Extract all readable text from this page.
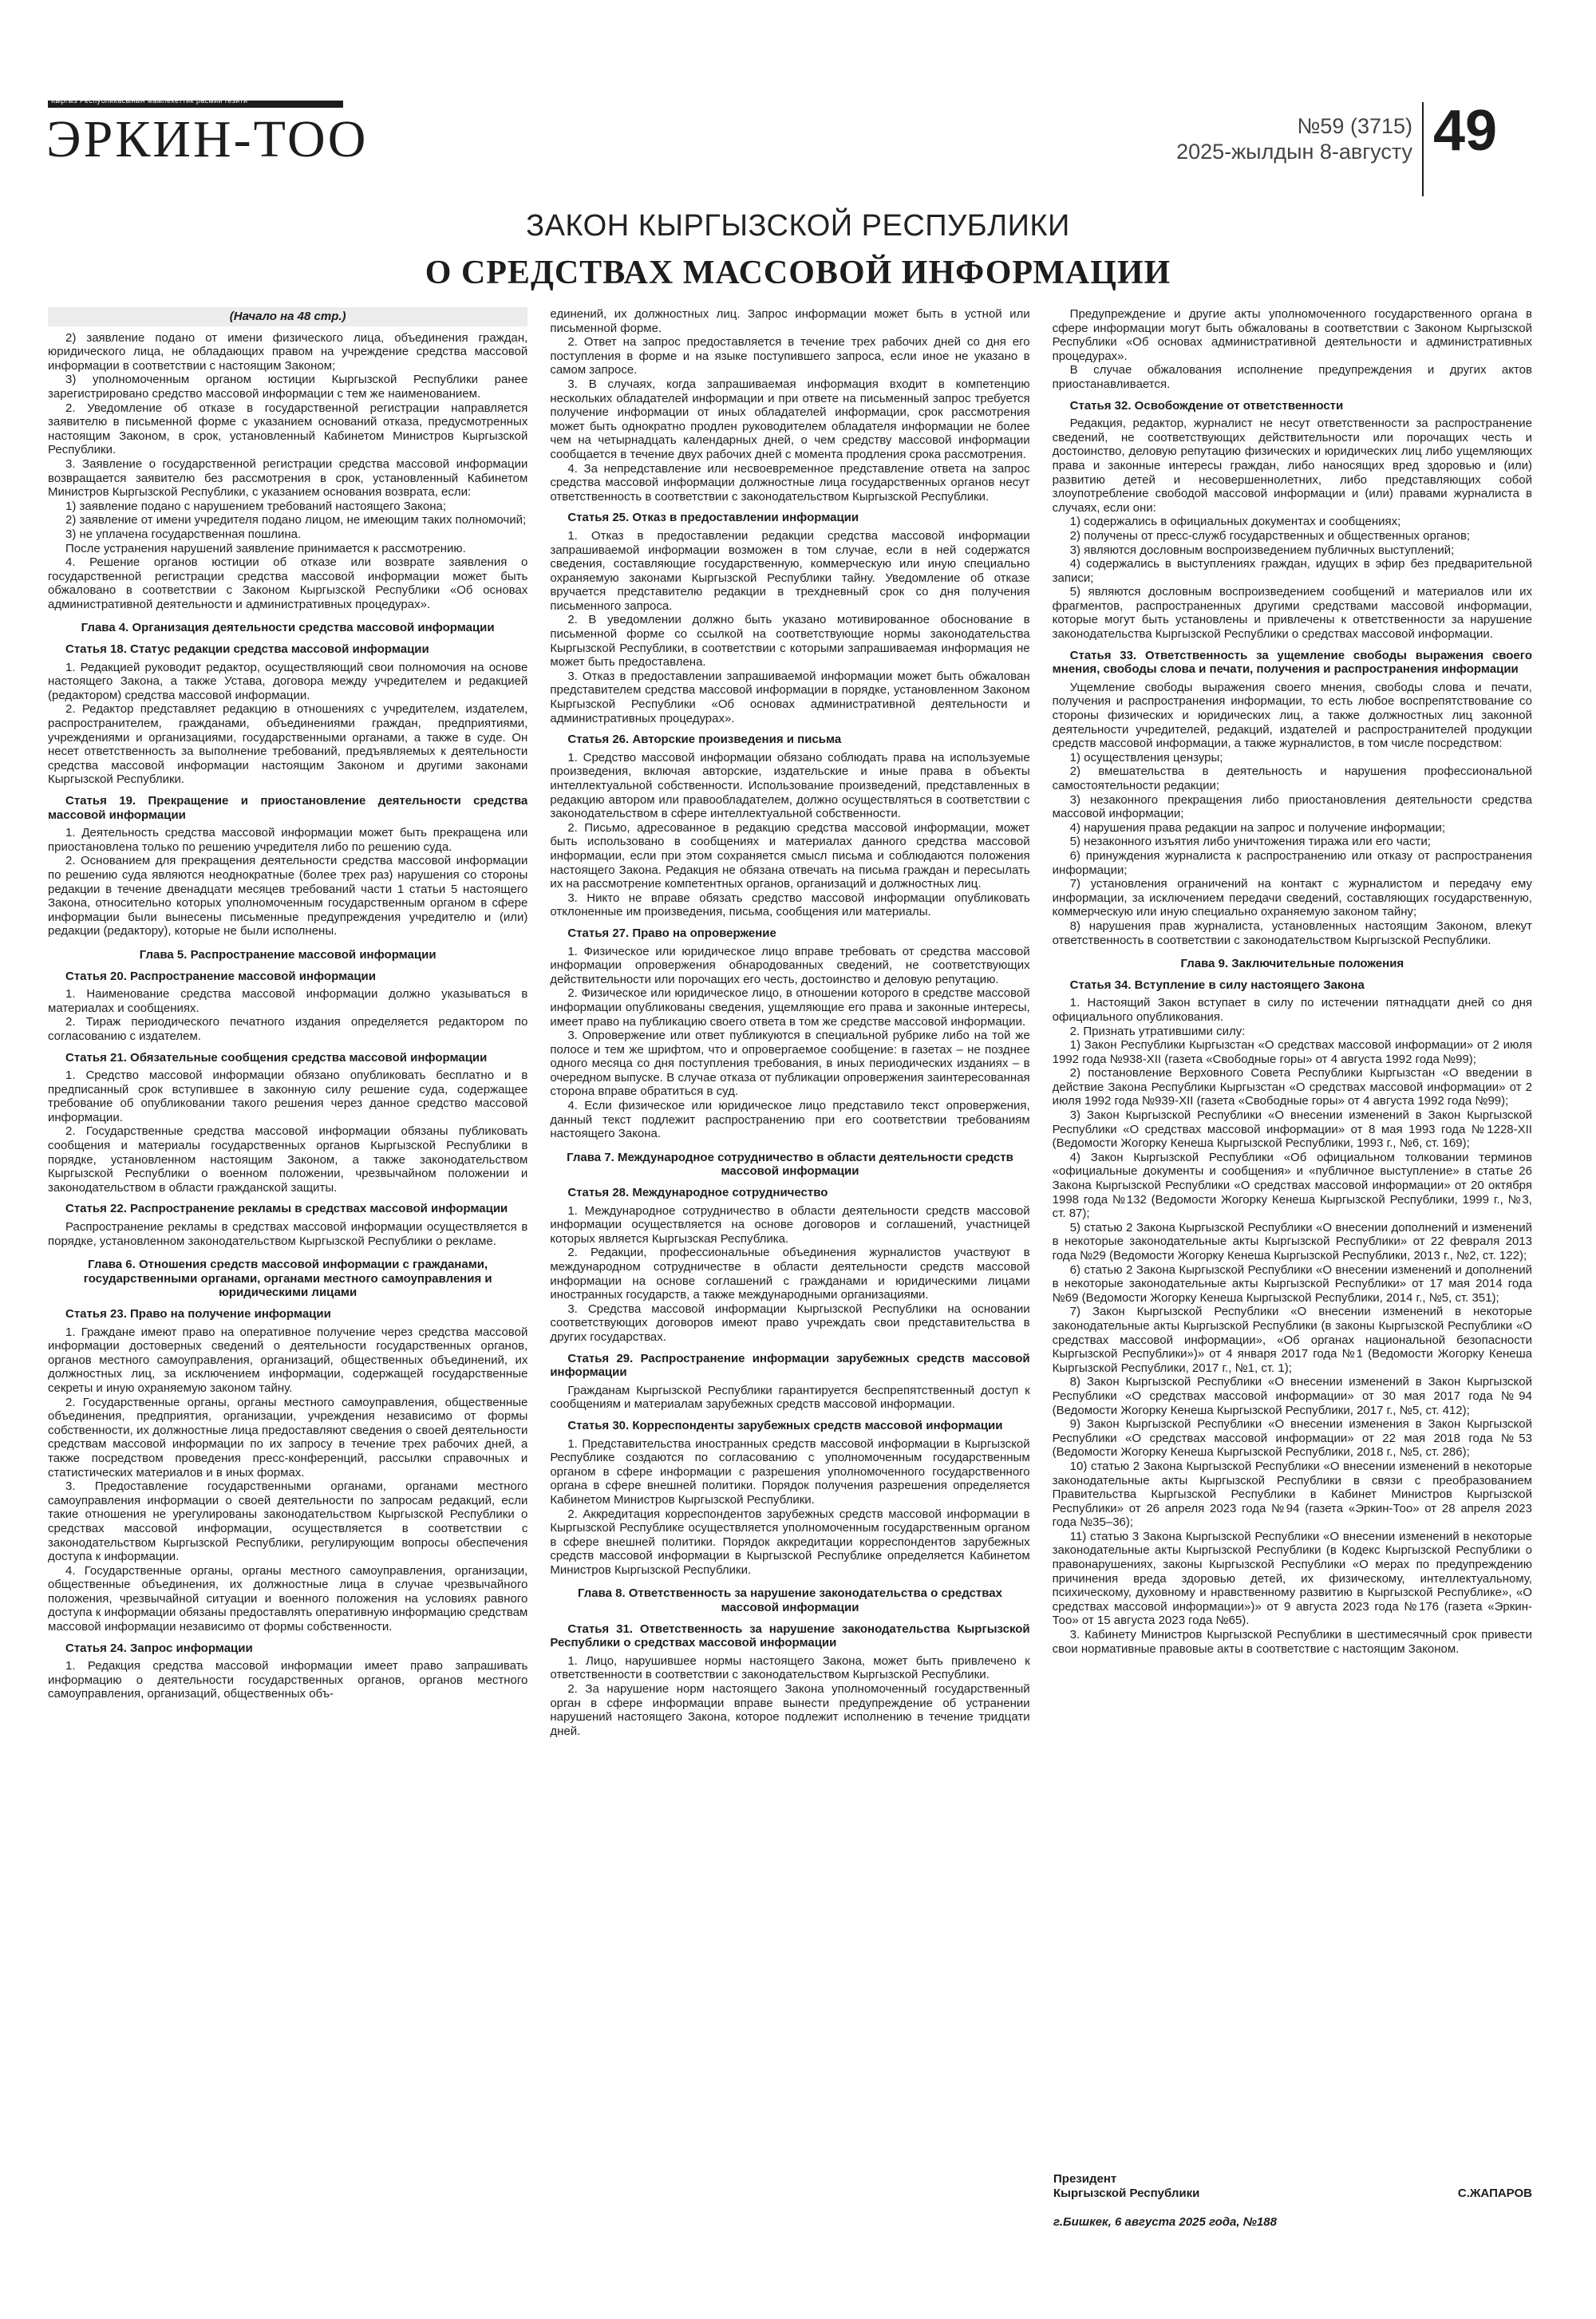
Кыргыз Республикасынын мамлекеттик расмий гезити
ЭРКИН-ТОО	№59 (3715)
2025-жылдын 8-августу 49
ЗАКОН КЫРГЫЗСКОЙ РЕСПУБЛИКИ
О СРЕДСТВАХ МАССОВОЙ ИНФОРМАЦИИ

(Начало на 48 стр.)

2) заявление подано от имени физического лица, объединения граждан, юридического лица, не обладающих правом на учреждение средства массовой информации в соответствии с настоящим Законом;

3) уполномоченным органом юстиции Кыргызской Республики ранее зарегистрировано средство массовой информации с тем же наименованием.

2. Уведомление об отказе в государственной регистрации направляется заявителю в письменной форме с указанием оснований отказа, предусмотренных настоящим Законом, в срок, установленный Кабинетом Министров Кыргызской Республики.

3. Заявление о государственной регистрации средства массовой информации возвращается заявителю без рассмотрения в срок, установленный Кабинетом Министров Кыргызской Республики, с указанием основания возврата, если:

1) заявление подано с нарушением требований настоящего Закона;

2) заявление от имени учредителя подано лицом, не имеющим таких полномочий;

3) не уплачена государственная пошлина.

После устранения нарушений заявление принимается к рассмотрению.

4. Решение органов юстиции об отказе или возврате заявления о государственной регистрации средства массовой информации может быть обжаловано в соответствии с Законом Кыргызской Республики «Об основах административной деятельности и административных процедурах».

Глава 4. Организация деятельности средства массовой информации

Статья 18. Статус редакции средства массовой информации

1. Редакцией руководит редактор, осуществляющий свои полномочия на основе настоящего Закона, а также Устава, договора между учредителем и редакцией (редактором) средства массовой информации.

2. Редактор представляет редакцию в отношениях с учредителем, издателем, распространителем, гражданами, объединениями граждан, предприятиями, учреждениями и организациями, государственными органами, а также в суде. Он несет ответственность за выполнение требований, предъявляемых к деятельности средства массовой информации настоящим Законом и другими законами Кыргызской Республики.

Статья 19. Прекращение и приостановление деятельности средства массовой информации

1. Деятельность средства массовой информации может быть прекращена или приостановлена только по решению учредителя либо по решению суда.

2. Основанием для прекращения деятельности средства массовой информации по решению суда являются неоднократные (более трех раз) нарушения со стороны редакции в течение двенадцати месяцев требований части 1 статьи 5 настоящего Закона, относительно которых уполномоченным государственным органом в сфере информации были вынесены письменные предупреждения учредителю и (или) редакции (редактору), которые не были исполнены.

Глава 5. Распространение массовой информации

Статья 20. Распространение массовой информации

1. Наименование средства массовой информации должно указываться в материалах и сообщениях.

2. Тираж периодического печатного издания определяется редактором по согласованию с издателем.

Статья 21. Обязательные сообщения средства массовой информации

1. Средство массовой информации обязано опубликовать бесплатно и в предписанный срок вступившее в законную силу решение суда, содержащее требование об опубликовании такого решения через данное средство массовой информации.

2. Государственные средства массовой информации обязаны публиковать сообщения и материалы государственных органов Кыргызской Республики в порядке, установленном настоящим Законом, а также законодательством Кыргызской Республики о военном положении, чрезвычайном положении и законодательством в области гражданской защиты.

Статья 22. Распространение рекламы в средствах массовой информации

Распространение рекламы в средствах массовой информации осуществляется в порядке, установленном законодательством Кыргызской Республики о рекламе.

Глава 6. Отношения средств массовой информации с гражданами, государственными органами, органами местного самоуправления и юридическими лицами

Статья 23. Право на получение информации

1. Граждане имеют право на оперативное получение через средства массовой информации достоверных сведений о деятельности государственных органов, органов местного самоуправления, организаций, общественных объединений, их должностных лиц, за исключением информации, содержащей государственные секреты и иную охраняемую законом тайну.

2. Государственные органы, органы местного самоуправления, общественные объединения, предприятия, организации, учреждения независимо от формы собственности, их должностные лица предоставляют сведения о своей деятельности средствам массовой информации по их запросу в течение трех рабочих дней, а также посредством проведения пресс-конференций, рассылки справочных и статистических материалов и в иных формах.

3. Предоставление государственными органами, органами местного самоуправления информации о своей деятельности по запросам редакций, если такие отношения не урегулированы законодательством Кыргызской Республики о средствах массовой информации, осуществляется в соответствии с законодательством Кыргызской Республики, регулирующим вопросы обеспечения доступа к информации.

4. Государственные органы, органы местного самоуправления, организации, общественные объединения, их должностные лица в случае чрезвычайного положения, чрезвычайной ситуации и военного положения на условиях равного доступа к информации обязаны предоставлять оперативную информацию средствам массовой информации независимо от формы собственности.

Статья 24. Запрос информации

1. Редакция средства массовой информации имеет право запрашивать информацию о деятельности государственных органов, органов местного самоуправления, организаций, общественных объ-

единений, их должностных лиц. Запрос информации может быть в устной или письменной форме.

2. Ответ на запрос предоставляется в течение трех рабочих дней со дня его поступления в форме и на языке поступившего запроса, если иное не указано в самом запросе.

3. В случаях, когда запрашиваемая информация входит в компетенцию нескольких обладателей информации и при ответе на письменный запрос требуется получение информации от иных обладателей информации, срок рассмотрения может быть однократно продлен руководителем обладателя информации не более чем на четырнадцать календарных дней, о чем средству массовой информации сообщается в течение двух рабочих дней с момента продления срока рассмотрения.

4. За непредставление или несвоевременное представление ответа на запрос средства массовой информации должностные лица государственных органов несут ответственность в соответствии с законодательством Кыргызской Республики.

Статья 25. Отказ в предоставлении информации

1. Отказ в предоставлении редакции средства массовой информации запрашиваемой информации возможен в том случае, если в ней содержатся сведения, составляющие государственную, коммерческую или иную специально охраняемую законами Кыргызской Республики тайну. Уведомление об отказе вручается представителю редакции в трехдневный срок со дня получения письменного запроса.

2. В уведомлении должно быть указано мотивированное обоснование в письменной форме со ссылкой на соответствующие нормы законодательства Кыргызской Республики, в соответствии с которыми запрашиваемая информация не может быть предоставлена.

3. Отказ в предоставлении запрашиваемой информации может быть обжалован представителем средства массовой информации в порядке, установленном Законом Кыргызской Республики «Об основах административной деятельности и административных процедурах».

Статья 26. Авторские произведения и письма

1. Средство массовой информации обязано соблюдать права на используемые произведения, включая авторские, издательские и иные права в объекты интеллектуальной собственности. Использование произведений, представленных в редакцию автором или правообладателем, должно осуществляться в соответствии с законодательством в сфере интеллектуальной собственности.

2. Письмо, адресованное в редакцию средства массовой информации, может быть использовано в сообщениях и материалах данного средства массовой информации, если при этом сохраняется смысл письма и соблюдаются положения настоящего Закона. Редакция не обязана отвечать на письма граждан и пересылать их на рассмотрение компетентных органов, организаций и должностных лиц.

3. Никто не вправе обязать средство массовой информации опубликовать отклоненные им произведения, письма, сообщения или материалы.

Статья 27. Право на опровержение

1. Физическое или юридическое лицо вправе требовать от средства массовой информации опровержения обнародованных сведений, не соответствующих действительности или порочащих его честь, достоинство и деловую репутацию.

2. Физическое или юридическое лицо, в отношении которого в средстве массовой информации опубликованы сведения, ущемляющие его права и законные интересы, имеет право на публикацию своего ответа в том же средстве массовой информации.

3. Опровержение или ответ публикуются в специальной рубрике либо на той же полосе и тем же шрифтом, что и опровергаемое сообщение: в газетах – не позднее одного месяца со дня поступления требования, в иных периодических изданиях – в очередном выпуске. В случае отказа от публикации опровержения заинтересованная сторона вправе обратиться в суд.

4. Если физическое или юридическое лицо представило текст опровержения, данный текст подлежит распространению при его соответствии требованиям настоящего Закона.

Глава 7. Международное сотрудничество в области деятельности средств массовой информации

Статья 28. Международное сотрудничество

1. Международное сотрудничество в области деятельности средств массовой информации осуществляется на основе договоров и соглашений, участницей которых является Кыргызская Республика.

2. Редакции, профессиональные объединения журналистов участвуют в международном сотрудничестве в области деятельности средств массовой информации на основе соглашений с гражданами и юридическими лицами иностранных государств, а также международными организациями.

3. Средства массовой информации Кыргызской Республики на основании соответствующих договоров имеют право учреждать свои представительства в других государствах.

Статья 29. Распространение информации зарубежных средств массовой информации

Гражданам Кыргызской Республики гарантируется беспрепятственный доступ к сообщениям и материалам зарубежных средств массовой информации.

Статья 30. Корреспонденты зарубежных средств массовой информации

1. Представительства иностранных средств массовой информации в Кыргызской Республике создаются по согласованию с уполномоченным государственным органом в сфере информации с разрешения уполномоченного государственного органа в сфере внешней политики. Порядок получения разрешения определяется Кабинетом Министров Кыргызской Республики.

2. Аккредитация корреспондентов зарубежных средств массовой информации в Кыргызской Республике осуществляется уполномоченным государственным органом в сфере внешней политики. Порядок аккредитации корреспондентов зарубежных средств массовой информации в Кыргызской Республике определяется Кабинетом Министров Кыргызской Республики.

Глава 8. Ответственность за нарушение законодательства о средствах массовой информации

Статья 31. Ответственность за нарушение законодательства Кыргызской Республики о средствах массовой информации

1. Лицо, нарушившее нормы настоящего Закона, может быть привлечено к ответственности в соответствии с законодательством Кыргызской Республики.

2. За нарушение норм настоящего Закона уполномоченный государственный орган в сфере информации вправе вынести предупреждение об устранении нарушений настоящего Закона, которое подлежит исполнению в течение тридцати дней.

Предупреждение и другие акты уполномоченного государственного органа в сфере информации могут быть обжалованы в соответствии с Законом Кыргызской Республики «Об основах административной деятельности и административных процедурах».

В случае обжалования исполнение предупреждения и других актов приостанавливается.

Статья 32. Освобождение от ответственности

Редакция, редактор, журналист не несут ответственности за распространение сведений, не соответствующих действительности или порочащих честь и достоинство, деловую репутацию физических и юридических лиц либо ущемляющих права и законные интересы граждан, либо наносящих вред здоровью и (или) развитию детей и несовершеннолетних, либо представляющих собой злоупотребление свободой массовой информации и (или) правами журналиста в случаях, если они:

1) содержались в официальных документах и сообщениях;

2) получены от пресс-служб государственных и общественных органов;

3) являются дословным воспроизведением публичных выступлений;

4) содержались в выступлениях граждан, идущих в эфир без предварительной записи;

5) являются дословным воспроизведением сообщений и материалов или их фрагментов, распространенных другими средствами массовой информации, которые могут быть установлены и привлечены к ответственности за нарушение законодательства Кыргызской Республики о средствах массовой информации.

Статья 33. Ответственность за ущемление свободы выражения своего мнения, свободы слова и печати, получения и распространения информации

Ущемление свободы выражения своего мнения, свободы слова и печати, получения и распространения информации, то есть любое воспрепятствование со стороны физических и юридических лиц, а также должностных лиц законной деятельности учредителей, редакций, издателей и распространителей продукции средств массовой информации, а также журналистов, в том числе посредством:

1) осуществления цензуры;

2) вмешательства в деятельность и нарушения профессиональной самостоятельности редакции;

3) незаконного прекращения либо приостановления деятельности средства массовой информации;

4) нарушения права редакции на запрос и получение информации;

5) незаконного изъятия либо уничтожения тиража или его части;

6) принуждения журналиста к распространению или отказу от распространения информации;

7) установления ограничений на контакт с журналистом и передачу ему информации, за исключением передачи сведений, составляющих государственную, коммерческую или иную специально охраняемую законом тайну;

8) нарушения прав журналиста, установленных настоящим Законом, влекут ответственность в соответствии с законодательством Кыргызской Республики.

Глава 9. Заключительные положения

Статья 34. Вступление в силу настоящего Закона

1. Настоящий Закон вступает в силу по истечении пятнадцати дней со дня официального опубликования.

2. Признать утратившими силу:

1) Закон Республики Кыргызстан «О средствах массовой информации» от 2 июля 1992 года №938-XII (газета «Свободные горы» от 4 августа 1992 года №99);

2) постановление Верховного Совета Республики Кыргызстан «О введении в действие Закона Республики Кыргызстан «О средствах массовой информации» от 2 июля 1992 года №939-XII (газета «Свободные горы» от 4 августа 1992 года №99);

3) Закон Кыргызской Республики «О внесении изменений в Закон Кыргызской Республики «О средствах массовой информации» от 8 мая 1993 года №1228-XII (Ведомости Жогорку Кенеша Кыргызской Республики, 1993 г., №6, ст. 169);

4) Закон Кыргызской Республики «Об официальном толковании терминов «официальные документы и сообщения» и «публичное выступление» в статье 26 Закона Кыргызской Республики «О средствах массовой информации» от 20 октября 1998 года №132 (Ведомости Жогорку Кенеша Кыргызской Республики, 1999 г., №3, ст. 87);

5) статью 2 Закона Кыргызской Республики «О внесении дополнений и изменений в некоторые законодательные акты Кыргызской Республики» от 22 февраля 2013 года №29 (Ведомости Жогорку Кенеша Кыргызской Республики, 2013 г., №2, ст. 122);

6) статью 2 Закона Кыргызской Республики «О внесении изменений и дополнений в некоторые законодательные акты Кыргызской Республики» от 17 мая 2014 года №69 (Ведомости Жогорку Кенеша Кыргызской Республики, 2014 г., №5, ст. 351);

7) Закон Кыргызской Республики «О внесении изменений в некоторые законодательные акты Кыргызской Республики (в законы Кыргызской Республики «О средствах массовой информации», «Об органах национальной безопасности Кыргызской Республики»)» от 4 января 2017 года №1 (Ведомости Жогорку Кенеша Кыргызской Республики, 2017 г., №1, ст. 1);

8) Закон Кыргызской Республики «О внесении изменений в Закон Кыргызской Республики «О средствах массовой информации» от 30 мая 2017 года №94 (Ведомости Жогорку Кенеша Кыргызской Республики, 2017 г., №5, ст. 412);

9) Закон Кыргызской Республики «О внесении изменения в Закон Кыргызской Республики «О средствах массовой информации» от 22 мая 2018 года №53 (Ведомости Жогорку Кенеша Кыргызской Республики, 2018 г., №5, ст. 286);

10) статью 2 Закона Кыргызской Республики «О внесении изменений в некоторые законодательные акты Кыргызской Республики в связи с преобразованием Правительства Кыргызской Республики в Кабинет Министров Кыргызской Республики» от 26 апреля 2023 года №94 (газета «Эркин-Тоо» от 28 апреля 2023 года №35–36);

11) статью 3 Закона Кыргызской Республики «О внесении изменений в некоторые законодательные акты Кыргызской Республики (в Кодекс Кыргызской Республики о правонарушениях, законы Кыргызской Республики «О мерах по предупреждению причинения вреда здоровью детей, их физическому, интеллектуальному, психическому, духовному и нравственному развитию в Кыргызской Республике», «О средствах массовой информации»)» от 9 августа 2023 года №176 (газета «Эркин-Тоо» от 15 августа 2023 года №65).

3. Кабинету Министров Кыргызской Республики в шестимесячный срок привести свои нормативные правовые акты в соответствие с настоящим Законом.

Президент
Кыргызской Республики	С.ЖАПАРОВ
г.Бишкек, 6 августа 2025 года, №188
